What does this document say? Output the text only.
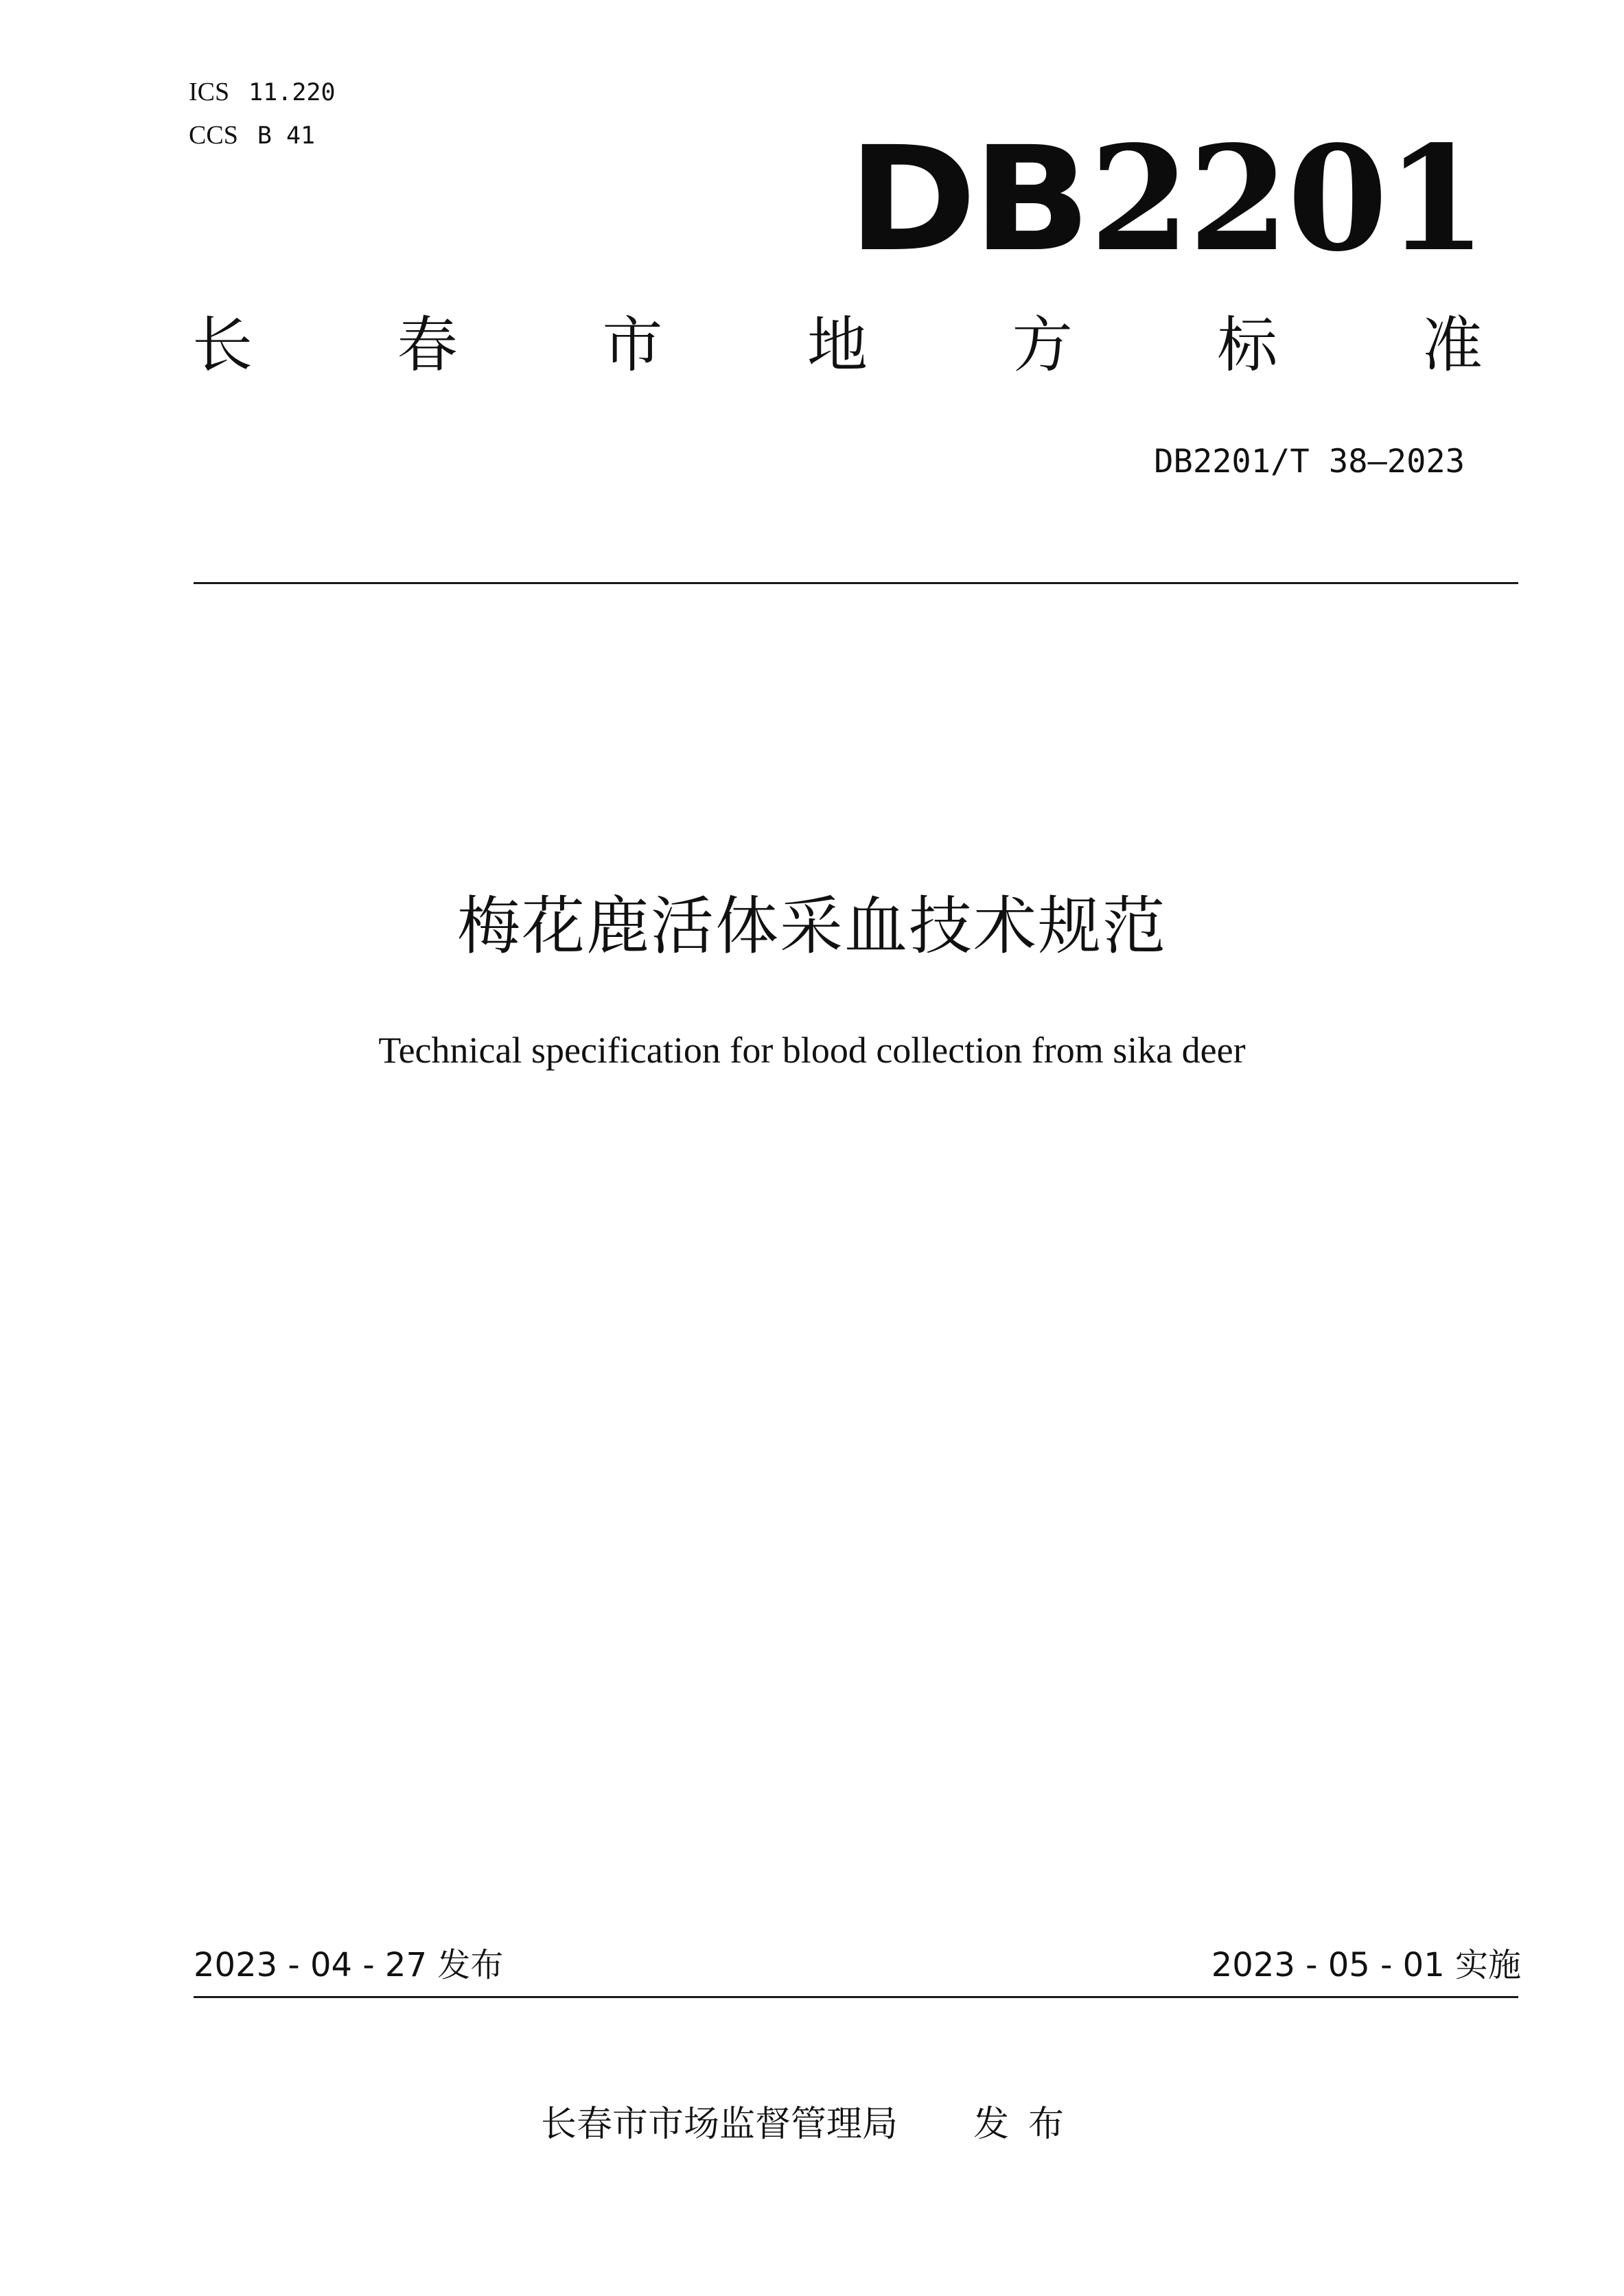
ICS 11.220
CCS B 41	DB2201
长 春 市 地 方 标 准
DB2201/T 38—2023
梅花鹿活体采血技术规范
Technical specification for blood collection from sika deer
2023 - 04 - 27 发布	2023 - 05 - 01 实施
长春市市场监督管理局 发布
